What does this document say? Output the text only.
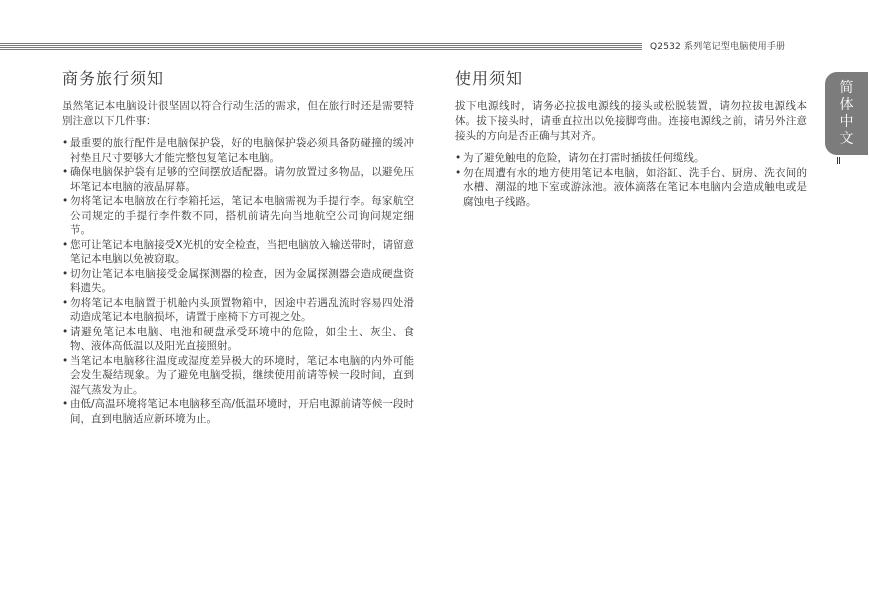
Q2532 系列笔记型电脑使用手册
商务旅行须知

虽然笔记本电脑设计很坚固以符合行动生活的需求，但在旅行时还是需要特别注意以下几件事：

• 最重要的旅行配件是电脑保护袋，好的电脑保护袋必须具备防碰撞的缓冲衬垫且尺寸要够大才能完整包复笔记本电脑。
• 确保电脑保护袋有足够的空间摆放适配器。请勿放置过多物品，以避免压坏笔记本电脑的液晶屏幕。
• 勿将笔记本电脑放在行李箱托运，笔记本电脑需视为手提行李。每家航空公司规定的手提行李件数不同，搭机前请先向当地航空公司询问规定细节。
• 您可让笔记本电脑接受X光机的安全检查，当把电脑放入输送带时，请留意笔记本电脑以免被窃取。
• 切勿让笔记本电脑接受金属探测器的检查，因为金属探测器会造成硬盘资料遗失。
• 勿将笔记本电脑置于机舱内头顶置物箱中，因途中若遇乱流时容易四处滑动造成笔记本电脑损坏，请置于座椅下方可视之处。
• 请避免笔记本电脑、电池和硬盘承受环境中的危险，如尘土、灰尘、食物、液体高低温以及阳光直接照射。
• 当笔记本电脑移往温度或湿度差异极大的环境时，笔记本电脑的内外可能会发生凝结现象。为了避免电脑受损，继续使用前请等候一段时间，直到湿气蒸发为止。
• 由低/高温环境将笔记本电脑移至高/低温环境时，开启电源前请等候一段时间，直到电脑适应新环境为止。
使用须知

拔下电源线时，请务必拉拔电源线的接头或松脱装置，请勿拉拔电源线本体。拔下接头时，请垂直拉出以免接脚弯曲。连接电源线之前，请另外注意接头的方向是否正确与其对齐。

• 为了避免触电的危险，请勿在打雷时插拔任何缆线。
• 勿在周遭有水的地方使用笔记本电脑，如浴缸、洗手台、厨房、洗衣间的水槽、潮湿的地下室或游泳池。液体滴落在笔记本电脑内会造成触电或是腐蚀电子线路。
简
体
中
文
II
